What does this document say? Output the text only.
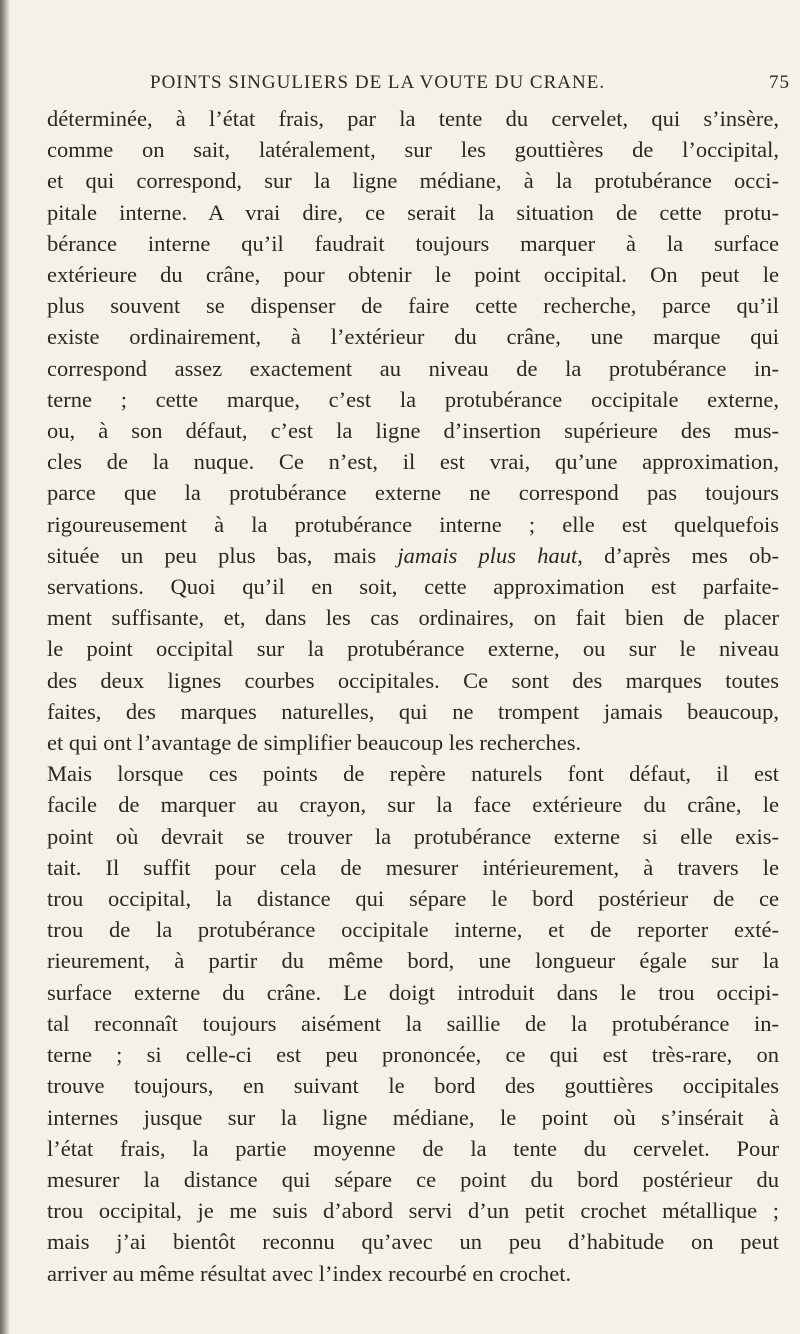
POINTS SINGULIERS DE LA VOUTE DU CRANE.	75

déterminée, à l’état frais, par la tente du cervelet, qui s’insère,
comme on sait, latéralement, sur les gouttières de l’occipital,
et qui correspond, sur la ligne médiane, à la protubérance occi-
pitale interne. A vrai dire, ce serait la situation de cette protu-
bérance interne qu’il faudrait toujours marquer à la surface
extérieure du crâne, pour obtenir le point occipital. On peut le
plus souvent se dispenser de faire cette recherche, parce qu’il
existe ordinairement, à l’extérieur du crâne, une marque qui
correspond assez exactement au niveau de la protubérance in-
terne ; cette marque, c’est la protubérance occipitale externe,
ou, à son défaut, c’est la ligne d’insertion supérieure des mus-
cles de la nuque. Ce n’est, il est vrai, qu’une approximation,
parce que la protubérance externe ne correspond pas toujours
rigoureusement à la protubérance interne ; elle est quelquefois
située un peu plus bas, mais jamais plus haut, d’après mes ob-
servations. Quoi qu’il en soit, cette approximation est parfaite-
ment suffisante, et, dans les cas ordinaires, on fait bien de placer
le point occipital sur la protubérance externe, ou sur le niveau
des deux lignes courbes occipitales. Ce sont des marques toutes
faites, des marques naturelles, qui ne trompent jamais beaucoup,
et qui ont l’avantage de simplifier beaucoup les recherches.

Mais lorsque ces points de repère naturels font défaut, il est
facile de marquer au crayon, sur la face extérieure du crâne, le
point où devrait se trouver la protubérance externe si elle exis-
tait. Il suffit pour cela de mesurer intérieurement, à travers le
trou occipital, la distance qui sépare le bord postérieur de ce
trou de la protubérance occipitale interne, et de reporter exté-
rieurement, à partir du même bord, une longueur égale sur la
surface externe du crâne. Le doigt introduit dans le trou occipi-
tal reconnaît toujours aisément la saillie de la protubérance in-
terne ; si celle-ci est peu prononcée, ce qui est très-rare, on
trouve toujours, en suivant le bord des gouttières occipitales
internes jusque sur la ligne médiane, le point où s’insérait à
l’état frais, la partie moyenne de la tente du cervelet. Pour
mesurer la distance qui sépare ce point du bord postérieur du
trou occipital, je me suis d’abord servi d’un petit crochet métallique ;
mais j’ai bientôt reconnu qu’avec un peu d’habitude on peut
arriver au même résultat avec l’index recourbé en crochet.
